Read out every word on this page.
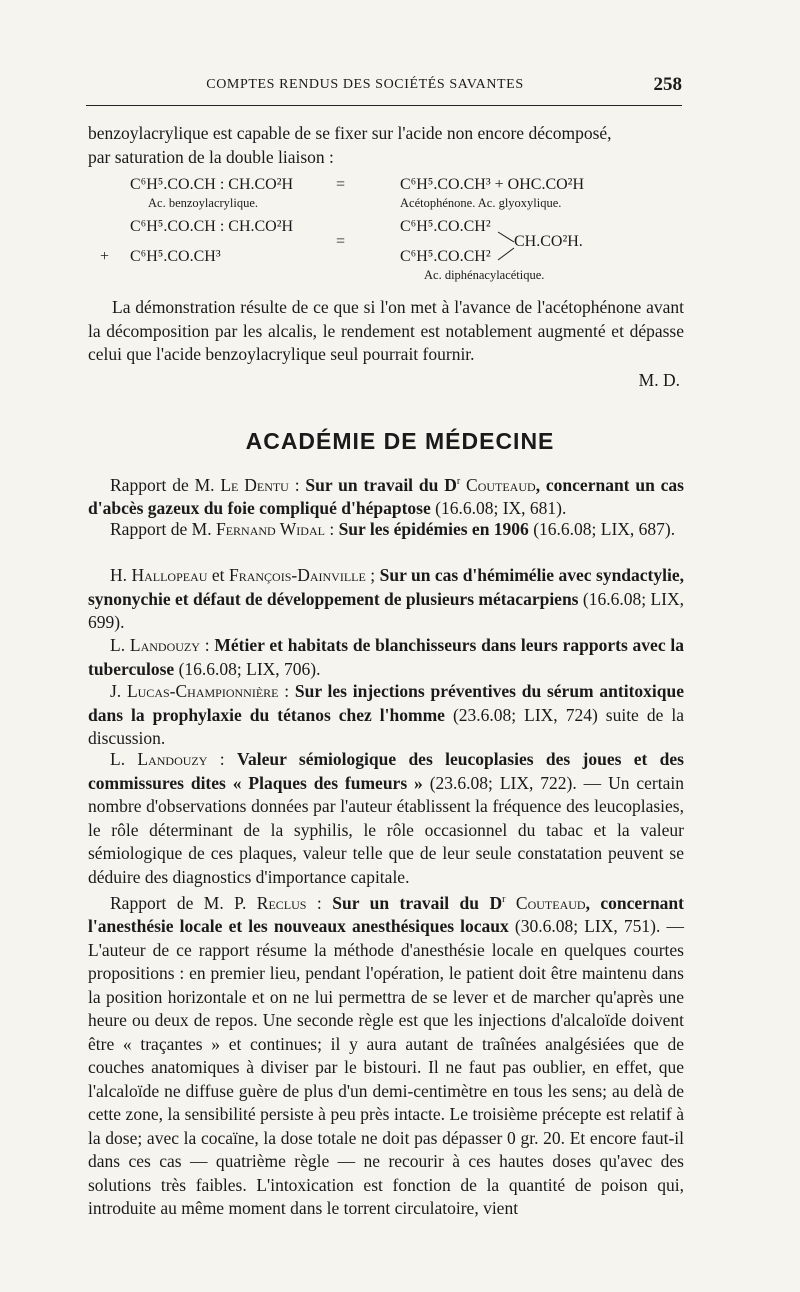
COMPTES RENDUS DES SOCIÉTÉS SAVANTES	258
benzoylacrylique est capable de se fixer sur l'acide non encore décomposé,
par saturation de la double liaison :
C⁶H⁵.CO.CH : CH.CO²H	=	C⁶H⁵.CO.CH³ + OHC.CO²H
Ac. benzoylacrylique.	Acétophénone. Ac. glyoxylique.
C⁶H⁵.CO.CH : CH.CO²H
+ C⁶H⁵.CO.CH³
=
C⁶H⁵.CO.CH²
CH.CO²H.
C⁶H⁵.CO.CH²
Ac. diphénacylacétique.
La démonstration résulte de ce que si l'on met à l'avance de l'acétophénone avant la décomposition par les alcalis, le rendement est notablement augmenté et dépasse celui que l'acide benzoylacrylique seul pourrait fournir.
M. D.
ACADÉMIE DE MÉDECINE
Rapport de M. Le Dentu : Sur un travail du $D^r$ Couteaud, concernant un cas d'abcès gazeux du foie compliqué d'hépaptose (16.6.08; IX, 681).
Rapport de M. Fernand Widal : Sur les épidémies en 1906 (16.6.08; LIX, 687).
H. Hallopeau et François-Dainville ; Sur un cas d'hémimélie avec syndactylie, synonychie et défaut de développement de plusieurs métacarpiens (16.6.08; LIX, 699).
L. Landouzy : Métier et habitats de blanchisseurs dans leurs rapports avec la tuberculose (16.6.08; LIX, 706).
J. Lucas-Championnière : Sur les injections préventives du sérum antitoxique dans la prophylaxie du tétanos chez l'homme (23.6.08; LIX, 724) suite de la discussion.
L. Landouzy : Valeur sémiologique des leucoplasies des joues et des commissures dites « Plaques des fumeurs » (23.6.08; LIX, 722). — Un certain nombre d'observations données par l'auteur établissent la fréquence des leucoplasies, le rôle déterminant de la syphilis, le rôle occasionnel du tabac et la valeur sémiologique de ces plaques, valeur telle que de leur seule constatation peuvent se déduire des diagnostics d'importance capitale.
Rapport de M. P. Reclus : Sur un travail du $D^r$ Couteaud, concernant l'anesthésie locale et les nouveaux anesthésiques locaux (30.6.08; LIX, 751). — L'auteur de ce rapport résume la méthode d'anesthésie locale en quelques courtes propositions : en premier lieu, pendant l'opération, le patient doit être maintenu dans la position horizontale et on ne lui permettra de se lever et de marcher qu'après une heure ou deux de repos. Une seconde règle est que les injections d'alcaloïde doivent être « traçantes » et continues; il y aura autant de traînées analgésiées que de couches anatomiques à diviser par le bistouri. Il ne faut pas oublier, en effet, que l'alcaloïde ne diffuse guère de plus d'un demi-centimètre en tous les sens; au delà de cette zone, la sensibilité persiste à peu près intacte. Le troisième précepte est relatif à la dose; avec la cocaïne, la dose totale ne doit pas dépasser 0 gr. 20. Et encore faut-il dans ces cas — quatrième règle — ne recourir à ces hautes doses qu'avec des solutions très faibles. L'intoxication est fonction de la quantité de poison qui, introduite au même moment dans le torrent circulatoire, vient
